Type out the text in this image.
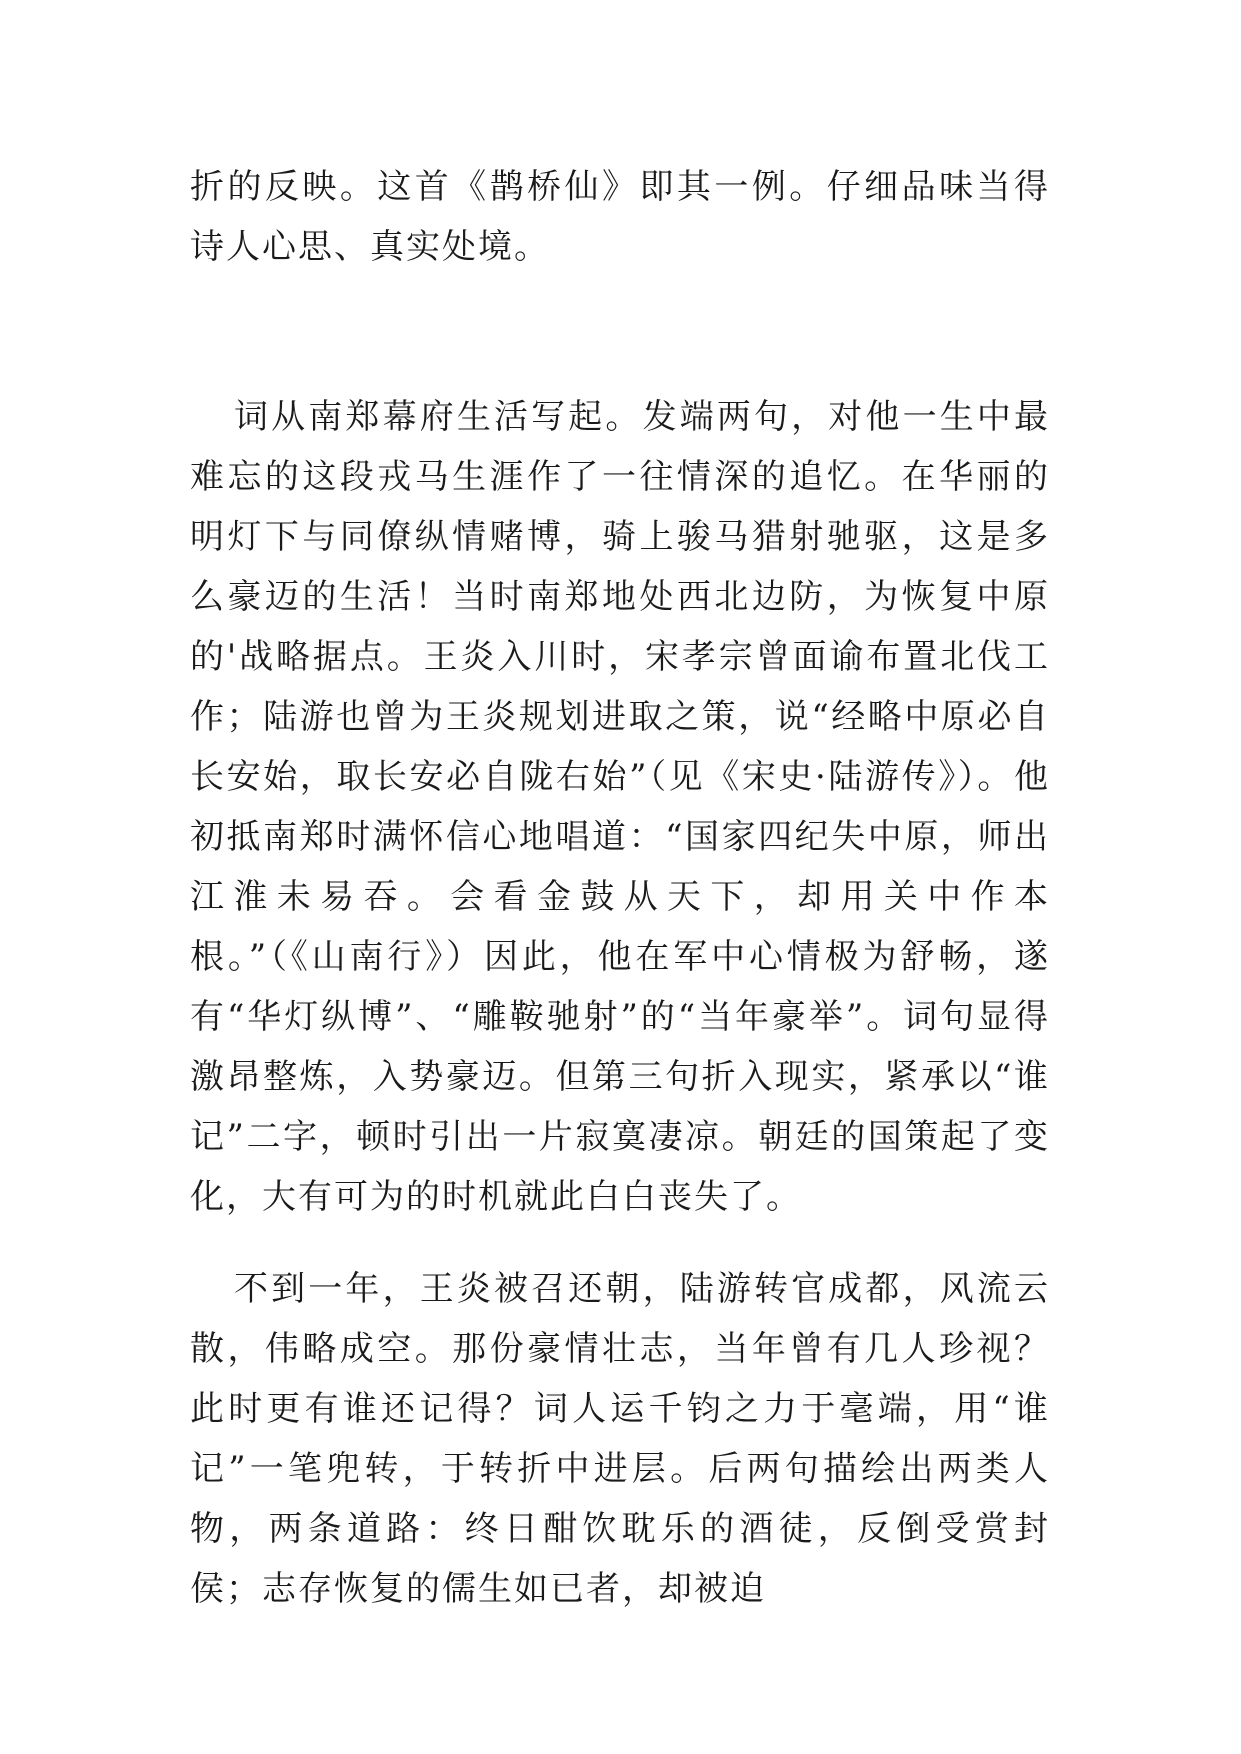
折的反映。这首《鹊桥仙》即其一例。仔细品味当得诗人心思、真实处境。

词从南郑幕府生活写起。发端两句，对他一生中最难忘的这段戎马生涯作了一往情深的追忆。在华丽的明灯下与同僚纵情赌博，骑上骏马猎射驰驱，这是多么豪迈的生活！当时南郑地处西北边防，为恢复中原的'战略据点。王炎入川时，宋孝宗曾面谕布置北伐工作；陆游也曾为王炎规划进取之策，说“经略中原必自长安始，取长安必自陇右始”（见《宋史·陆游传》）。他初抵南郑时满怀信心地唱道：“国家四纪失中原，师出江淮未易吞。会看金鼓从天下，却用关中作本根。”（《山南行》）因此，他在军中心情极为舒畅，遂有“华灯纵博”、“雕鞍驰射”的“当年豪举”。词句显得激昂整炼，入势豪迈。但第三句折入现实，紧承以“谁记”二字，顿时引出一片寂寞凄凉。朝廷的国策起了变化，大有可为的时机就此白白丧失了。

不到一年，王炎被召还朝，陆游转官成都，风流云散，伟略成空。那份豪情壮志，当年曾有几人珍视？此时更有谁还记得？词人运千钧之力于毫端，用“谁记”一笔兜转，于转折中进层。后两句描绘出两类人物，两条道路：终日酣饮耽乐的酒徒，反倒受赏封侯；志存恢复的儒生如已者，却被迫
